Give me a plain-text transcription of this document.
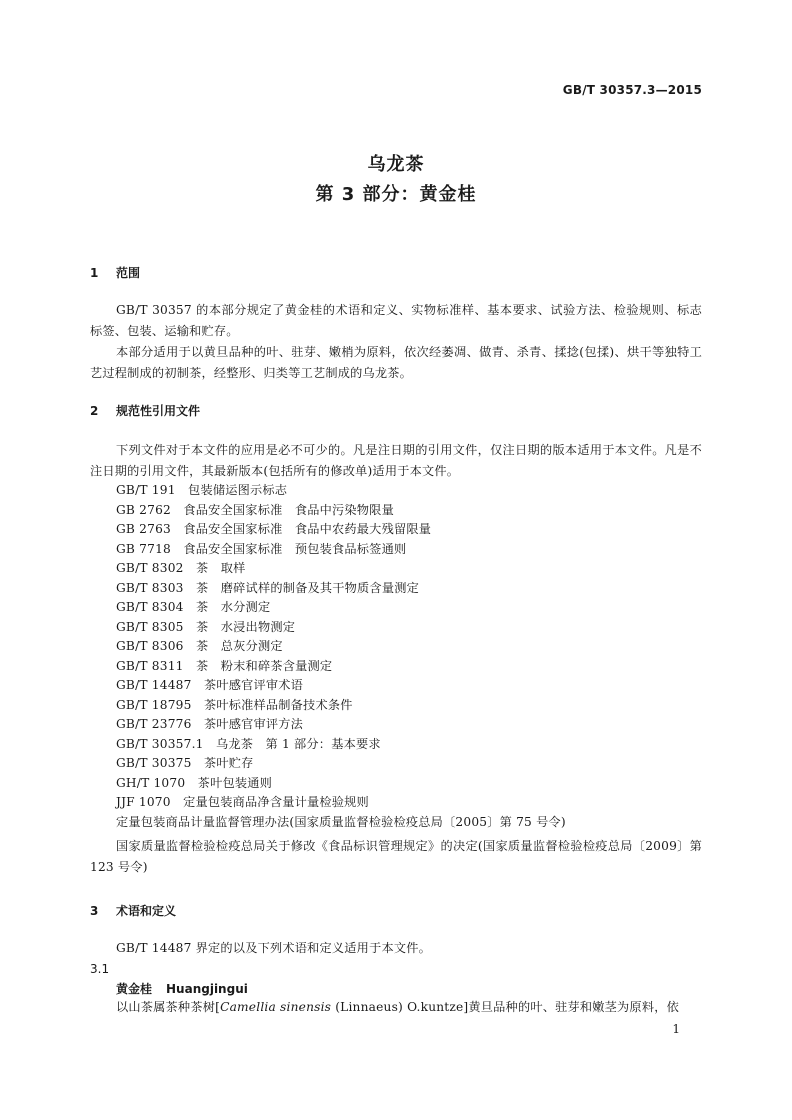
GB/T 30357.3—2015
乌龙茶
第 3 部分：黄金桂
1 范围

GB/T 30357 的本部分规定了黄金桂的术语和定义、实物标准样、基本要求、试验方法、检验规则、标志标签、包装、运输和贮存。

本部分适用于以黄旦品种的叶、驻芽、嫩梢为原料，依次经萎凋、做青、杀青、揉捻(包揉)、烘干等独特工艺过程制成的初制茶，经整形、归类等工艺制成的乌龙茶。

2 规范性引用文件

下列文件对于本文件的应用是必不可少的。凡是注日期的引用文件，仅注日期的版本适用于本文件。凡是不注日期的引用文件，其最新版本(包括所有的修改单)适用于本文件。

GB/T 191　包装储运图示标志
GB 2762　食品安全国家标准　食品中污染物限量
GB 2763　食品安全国家标准　食品中农药最大残留限量
GB 7718　食品安全国家标准　预包装食品标签通则
GB/T 8302　茶　取样
GB/T 8303　茶　磨碎试样的制备及其干物质含量测定
GB/T 8304　茶　水分测定
GB/T 8305　茶　水浸出物测定
GB/T 8306　茶　总灰分测定
GB/T 8311　茶　粉末和碎茶含量测定
GB/T 14487　茶叶感官评审术语
GB/T 18795　茶叶标准样品制备技术条件
GB/T 23776　茶叶感官审评方法
GB/T 30357.1　乌龙茶　第 1 部分：基本要求
GB/T 30375　茶叶贮存
GH/T 1070　茶叶包装通则
JJF 1070　定量包装商品净含量计量检验规则
定量包装商品计量监督管理办法(国家质量监督检验检疫总局〔2005〕第 75 号令)

国家质量监督检验检疫总局关于修改《食品标识管理规定》的决定(国家质量监督检验检疫总局〔2009〕第 123 号令)

3 术语和定义

GB/T 14487 界定的以及下列术语和定义适用于本文件。

3.1
黄金桂 Huangjingui
以山茶属茶种茶树[Camellia sinensis (Linnaeus) O.kuntze]黄旦品种的叶、驻芽和嫩茎为原料，依
1
